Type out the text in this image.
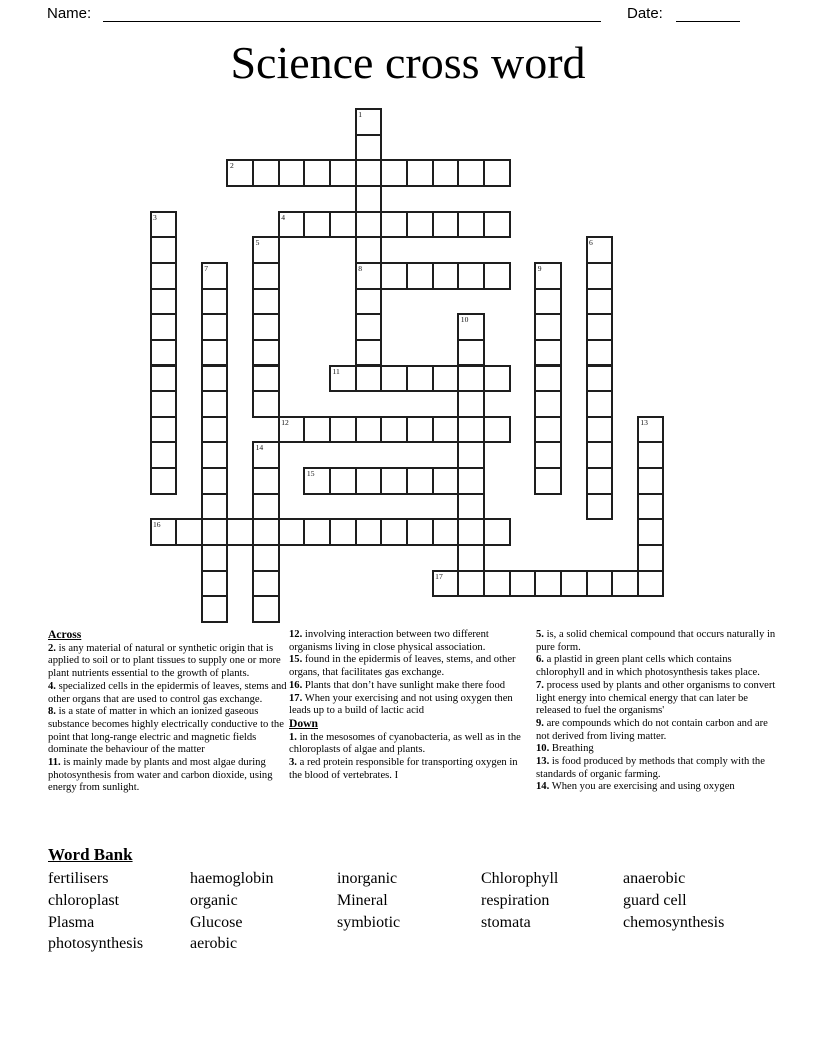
Name:	Date:
Science cross word
1
8
2
3	4
5	6
7	9
10
11
12	13
14
15
16
17
Across

2. is any material of natural or synthetic origin that is applied to soil or to plant tissues to supply one or more plant nutrients essential to the growth of plants.

4. specialized cells in the epidermis of leaves, stems and other organs that are used to control gas exchange.

8. is a state of matter in which an ionized gaseous substance becomes highly electrically conductive to the point that long-range electric and magnetic fields dominate the behaviour of the matter

11. is mainly made by plants and most algae during photosynthesis from water and carbon dioxide, using energy from sunlight.

12. involving interaction between two different organisms living in close physical association.

15. found in the epidermis of leaves, stems, and other organs, that facilitates gas exchange.

16. Plants that don’t have sunlight make there food

17. When your exercising and not using oxygen then leads up to a build of lactic acid

Down

1. in the mesosomes of cyanobacteria, as well as in the chloroplasts of algae and plants.

3. a red protein responsible for transporting oxygen in the blood of vertebrates. I

5. is, a solid chemical compound that occurs naturally in pure form.

6. a plastid in green plant cells which contains chlorophyll and in which photosynthesis takes place.

7. process used by plants and other organisms to convert light energy into chemical energy that can later be released to fuel the organisms'

9. are compounds which do not contain carbon and are not derived from living matter.

10. Breathing

13. is food produced by methods that comply with the standards of organic farming.

14. When you are exercising and using oxygen

Word Bank
fertilisers	haemoglobin	inorganic	Chlorophyll	anaerobic
chloroplast	organic	Mineral	respiration	guard cell
Plasma	Glucose	symbiotic	stomata	chemosynthesis
photosynthesis	aerobic
